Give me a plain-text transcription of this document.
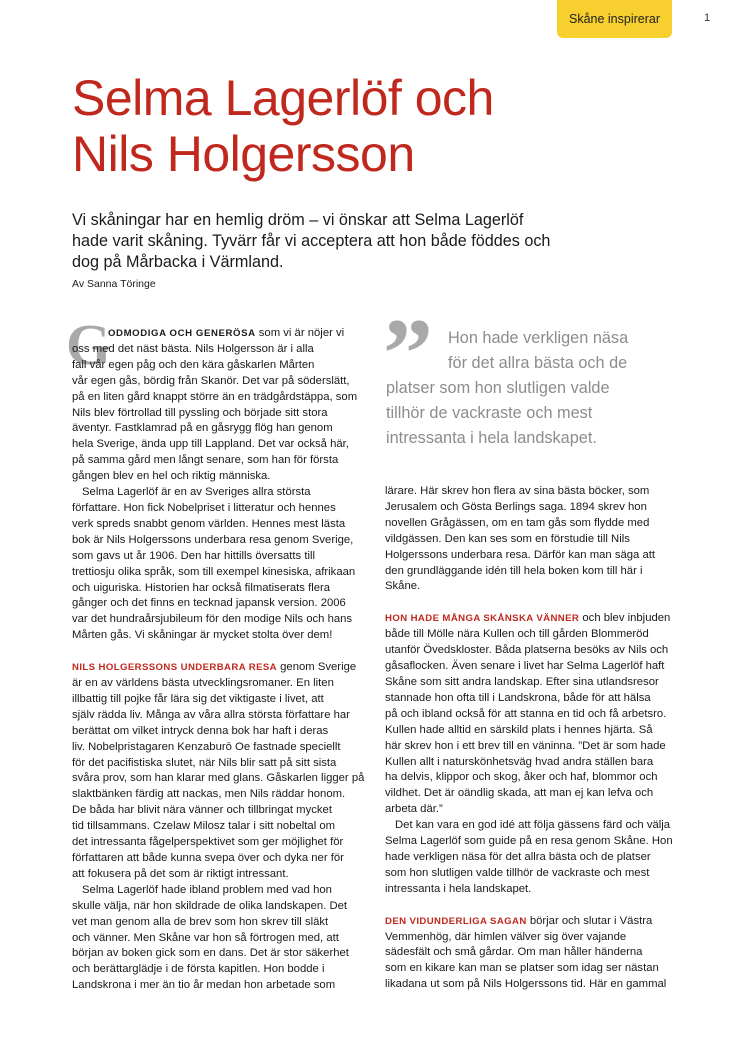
Skåne inspirerar	1
Selma Lagerlöf och
Nils Holgersson

Vi skåningar har en hemlig dröm – vi önskar att Selma Lagerlöf
hade varit skåning. Tyvärr får vi acceptera att hon både föddes och
dog på Mårbacka i Värmland.

Av Sanna Töringe
G
ODMODIGA OCH GENERÖSA som vi är nöjer vi
oss med det näst bästa. Nils Holgersson är i alla
fall vår egen påg och den kära gåskarlen Mårten
vår egen gås, bördig från Skanör. Det var på söderslätt,
på en liten gård knappt större än en trädgårdstäppa, som
Nils blev förtrollad till pyssling och började sitt stora
äventyr. Fastklamrad på en gåsrygg flög han genom
hela Sverige, ända upp till Lappland. Det var också här,
på samma gård men långt senare, som han för första
gången blev en hel och riktig människa.
Selma Lagerlöf är en av Sveriges allra största
författare. Hon fick Nobelpriset i litteratur och hennes
verk spreds snabbt genom världen. Hennes mest lästa
bok är Nils Holgerssons underbara resa genom Sverige,
som gavs ut år 1906. Den har hittills översatts till
trettiosju olika språk, som till exempel kinesiska, afrikaan
och uiguriska. Historien har också filmatiserats flera
gånger och det finns en tecknad japansk version. 2006
var det hundraårsjubileum för den modige Nils och hans
Mårten gås. Vi skåningar är mycket stolta över dem!
NILS HOLGERSSONS UNDERBARA RESA genom Sverige
är en av världens bästa utvecklingsromaner. En liten
illbattig till pojke får lära sig det viktigaste i livet, att
själv rädda liv. Många av våra allra största författare har
berättat om vilket intryck denna bok har haft i deras
liv. Nobelpristagaren Kenzaburō Oe fastnade speciellt
för det pacifistiska slutet, när Nils blir satt på sitt sista
svåra prov, som han klarar med glans. Gåskarlen ligger på
slaktbänken färdig att nackas, men Nils räddar honom.
De båda har blivit nära vänner och tillbringat mycket
tid tillsammans. Czelaw Milosz talar i sitt nobeltal om
det intressanta fågelperspektivet som ger möjlighet för
författaren att både kunna svepa över och dyka ner för
att fokusera på det som är riktigt intressant.
Selma Lagerlöf hade ibland problem med vad hon
skulle välja, när hon skildrade de olika landskapen. Det
vet man genom alla de brev som hon skrev till släkt
och vänner. Men Skåne var hon så förtrogen med, att
början av boken gick som en dans. Det är stor säkerhet
och berättarglädje i de första kapitlen. Hon bodde i
Landskrona i mer än tio år medan hon arbetade som
”	Hon hade verkligen näsa
för det allra bästa och de
platser som hon slutligen valde
tillhör de vackraste och mest
intressanta i hela landskapet.
lärare. Här skrev hon flera av sina bästa böcker, som
Jerusalem och Gösta Berlings saga. 1894 skrev hon
novellen Grågässen, om en tam gås som flydde med
vildgässen. Den kan ses som en förstudie till Nils
Holgerssons underbara resa. Därför kan man säga att
den grundläggande idén till hela boken kom till här i
Skåne.
HON HADE MÅNGA SKÅNSKA VÄNNER och blev inbjuden
både till Mölle nära Kullen och till gården Blommeröd
utanför Övedskloster. Båda platserna besöks av Nils och
gåsaflocken. Även senare i livet har Selma Lagerlöf haft
Skåne som sitt andra landskap. Efter sina utlandsresor
stannade hon ofta till i Landskrona, både för att hälsa
på och ibland också för att stanna en tid och få arbetsro.
Kullen hade alltid en särskild plats i hennes hjärta. Så
här skrev hon i ett brev till en väninna. ”Det är som hade
Kullen allt i naturskönhetsväg hvad andra ställen bara
ha delvis, klippor och skog, åker och haf, blommor och
vildhet. Det är oändlig skada, att man ej kan lefva och
arbeta där.”
Det kan vara en god idé att följa gässens färd och välja
Selma Lagerlöf som guide på en resa genom Skåne. Hon
hade verkligen näsa för det allra bästa och de platser
som hon slutligen valde tillhör de vackraste och mest
intressanta i hela landskapet.
DEN VIDUNDERLIGA SAGAN börjar och slutar i Västra
Vemmenhög, där himlen välver sig över vajande
sädesfält och små gårdar. Om man håller händerna
som en kikare kan man se platser som idag ser nästan
likadana ut som på Nils Holgerssons tid. Här en gammal
